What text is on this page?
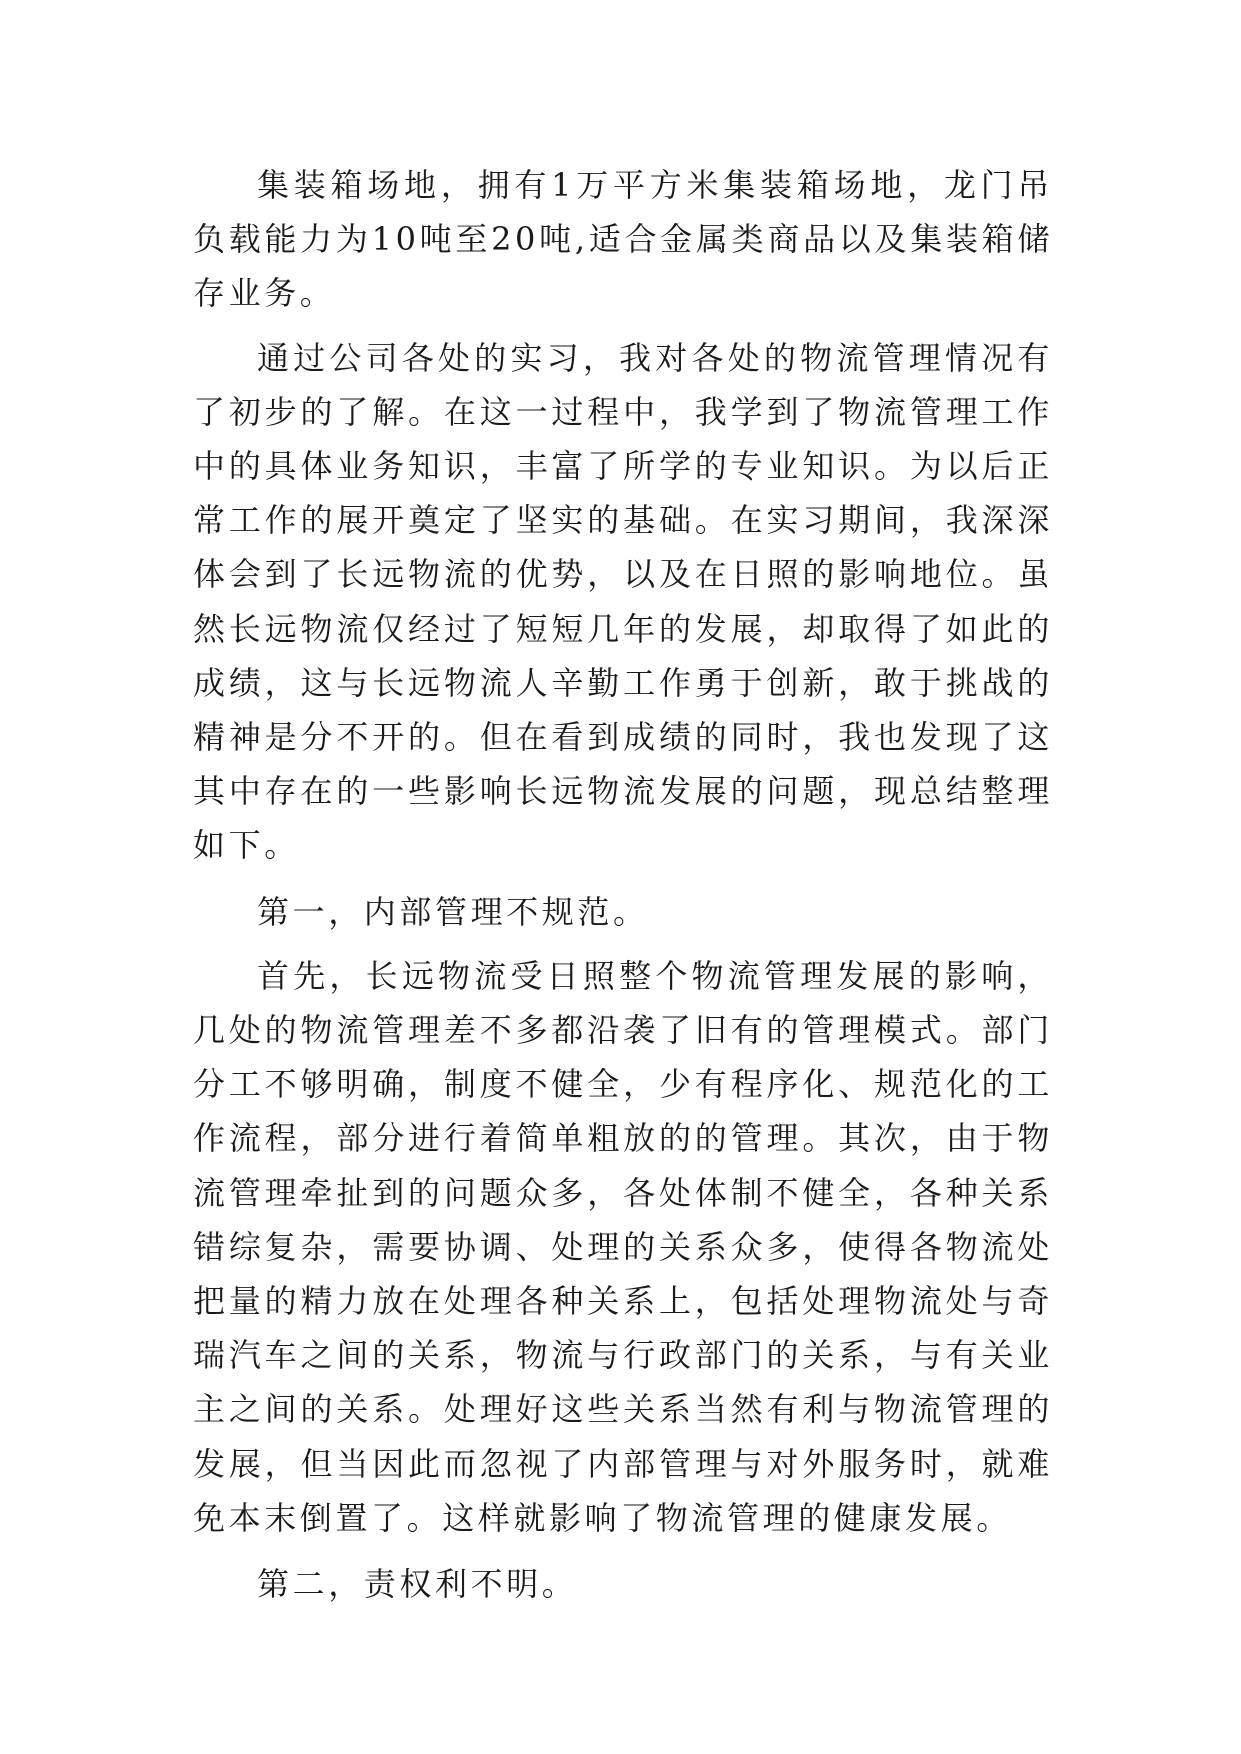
集装箱场地，拥有1万平方米集装箱场地，龙门吊负载能力为10吨至20吨,适合金属类商品以及集装箱储存业务。

通过公司各处的实习，我对各处的物流管理情况有了初步的了解。在这一过程中，我学到了物流管理工作中的具体业务知识，丰富了所学的专业知识。为以后正常工作的展开奠定了坚实的基础。在实习期间，我深深体会到了长远物流的优势，以及在日照的影响地位。虽然长远物流仅经过了短短几年的发展，却取得了如此的成绩，这与长远物流人辛勤工作勇于创新，敢于挑战的精神是分不开的。但在看到成绩的同时，我也发现了这其中存在的一些影响长远物流发展的问题，现总结整理如下。

第一，内部管理不规范。

首先，长远物流受日照整个物流管理发展的影响，几处的物流管理差不多都沿袭了旧有的管理模式。部门分工不够明确，制度不健全，少有程序化、规范化的工作流程，部分进行着简单粗放的的管理。其次，由于物流管理牵扯到的问题众多，各处体制不健全，各种关系错综复杂，需要协调、处理的关系众多，使得各物流处把量的精力放在处理各种关系上，包括处理物流处与奇瑞汽车之间的关系，物流与行政部门的关系，与有关业主之间的关系。处理好这些关系当然有利与物流管理的发展，但当因此而忽视了内部管理与对外服务时，就难免本末倒置了。这样就影响了物流管理的健康发展。

第二，责权利不明。
